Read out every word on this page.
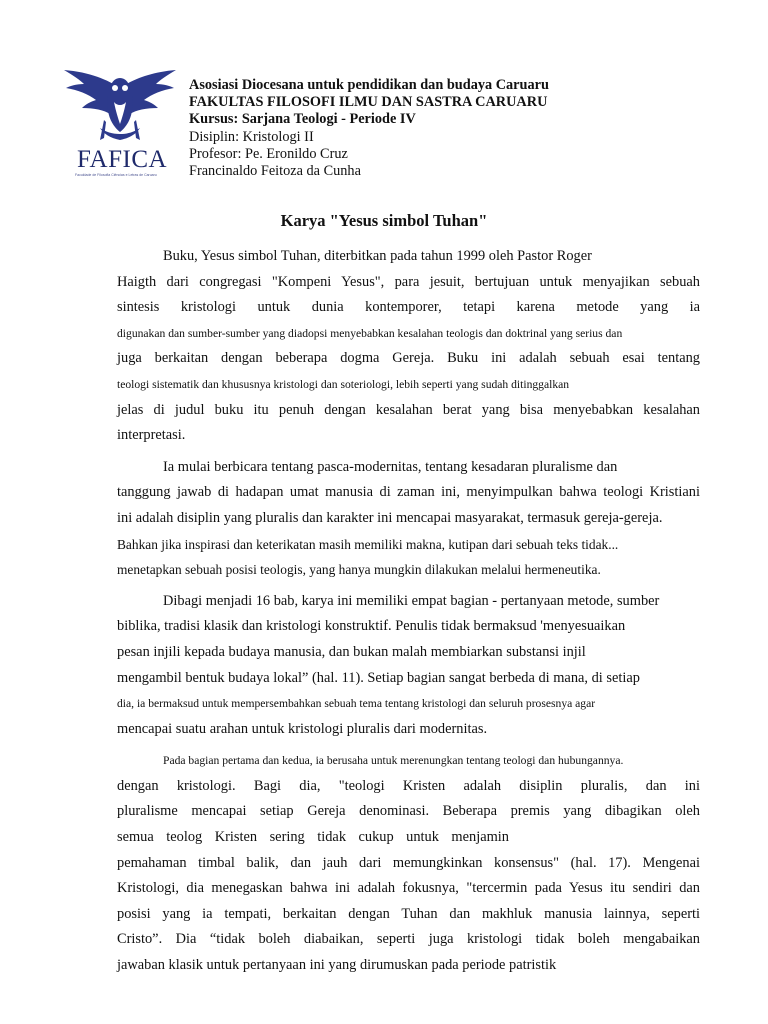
FAFICA
Faculdade de Filosofia Ciências e Letras de Caruaru
Asosiasi Diocesana untuk pendidikan dan budaya Caruaru
FAKULTAS FILOSOFI ILMU DAN SASTRA CARUARU
Kursus: Sarjana Teologi - Periode IV
Disiplin: Kristologi II
Profesor: Pe. Eronildo Cruz
Francinaldo Feitoza da Cunha
Karya "Yesus simbol Tuhan"
Buku, Yesus simbol Tuhan, diterbitkan pada tahun 1999 oleh Pastor Roger
Haigth dari congregasi "Kompeni Yesus", para jesuit, bertujuan untuk menyajikan sebuah
sintesis kristologi untuk dunia kontemporer, tetapi karena metode yang ia
digunakan dan sumber-sumber yang diadopsi menyebabkan kesalahan teologis dan doktrinal yang serius dan
juga berkaitan dengan beberapa dogma Gereja. Buku ini adalah sebuah esai tentang
teologi sistematik dan khususnya kristologi dan soteriologi, lebih seperti yang sudah ditinggalkan
jelas di judul buku itu penuh dengan kesalahan berat yang bisa menyebabkan kesalahan
interpretasi.
Ia mulai berbicara tentang pasca-modernitas, tentang kesadaran pluralisme dan
tanggung jawab di hadapan umat manusia di zaman ini, menyimpulkan bahwa teologi Kristiani
ini adalah disiplin yang pluralis dan karakter ini mencapai masyarakat, termasuk gereja-gereja.
Bahkan jika inspirasi dan keterikatan masih memiliki makna, kutipan dari sebuah teks tidak...
menetapkan sebuah posisi teologis, yang hanya mungkin dilakukan melalui hermeneutika.
Dibagi menjadi 16 bab, karya ini memiliki empat bagian - pertanyaan metode, sumber
biblika, tradisi klasik dan kristologi konstruktif. Penulis tidak bermaksud 'menyesuaikan
pesan injili kepada budaya manusia, dan bukan malah membiarkan substansi injil
mengambil bentuk budaya lokal” (hal. 11). Setiap bagian sangat berbeda di mana, di setiap
dia, ia bermaksud untuk mempersembahkan sebuah tema tentang kristologi dan seluruh prosesnya agar
mencapai suatu arahan untuk kristologi pluralis dari modernitas.
Pada bagian pertama dan kedua, ia berusaha untuk merenungkan tentang teologi dan hubungannya.
dengan kristologi. Bagi dia, "teologi Kristen adalah disiplin pluralis, dan ini
pluralisme mencapai setiap Gereja denominasi. Beberapa premis yang dibagikan oleh
semua teolog Kristen sering tidak cukup untuk menjamin
pemahaman timbal balik, dan jauh dari memungkinkan konsensus" (hal. 17). Mengenai
Kristologi, dia menegaskan bahwa ini adalah fokusnya, "tercermin pada Yesus itu sendiri dan
posisi yang ia tempati, berkaitan dengan Tuhan dan makhluk manusia lainnya, seperti
Cristo”. Dia “tidak boleh diabaikan, seperti juga kristologi tidak boleh mengabaikan
jawaban klasik untuk pertanyaan ini yang dirumuskan pada periode patristik
